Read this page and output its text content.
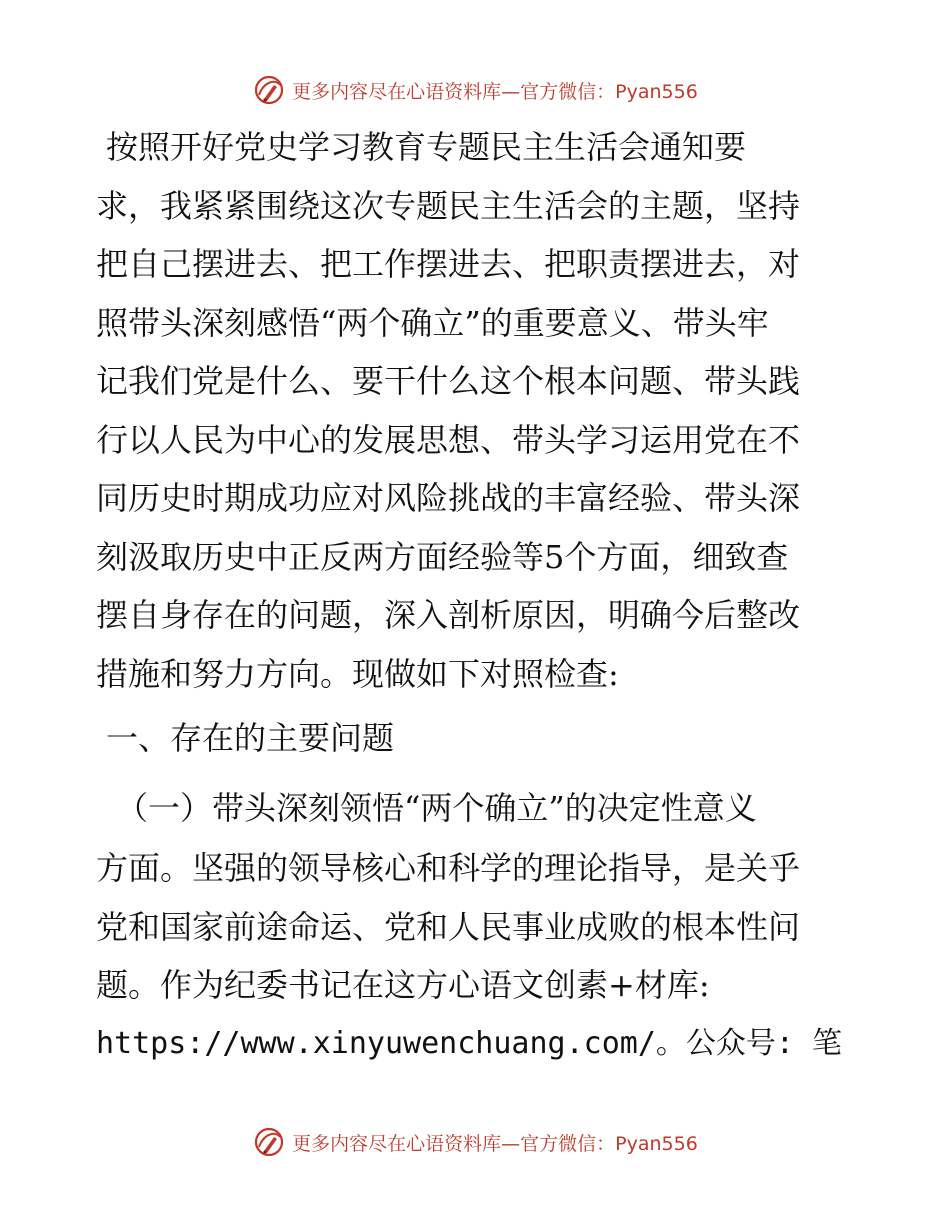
更多内容尽在心语资料库—官方微信：Pyan556
按照开好党史学习教育专题民主生活会通知要
求，我紧紧围绕这次专题民主生活会的主题，坚持
把自己摆进去、把工作摆进去、把职责摆进去，对
照带头深刻感悟“两个确立”的重要意义、带头牢
记我们党是什么、要干什么这个根本问题、带头践
行以人民为中心的发展思想、带头学习运用党在不
同历史时期成功应对风险挑战的丰富经验、带头深
刻汲取历史中正反两方面经验等5个方面，细致查
摆自身存在的问题，深入剖析原因，明确今后整改
措施和努力方向。现做如下对照检查:
一、存在的主要问题
（一）带头深刻领悟“两个确立”的决定性意义
方面。坚强的领导核心和科学的理论指导，是关乎
党和国家前途命运、党和人民事业成败的根本性问
题。作为纪委书记在这方心语文创素+材库:
https://www.xinyuwenchuang.com/。公众号: 笔
更多内容尽在心语资料库—官方微信：Pyan556
